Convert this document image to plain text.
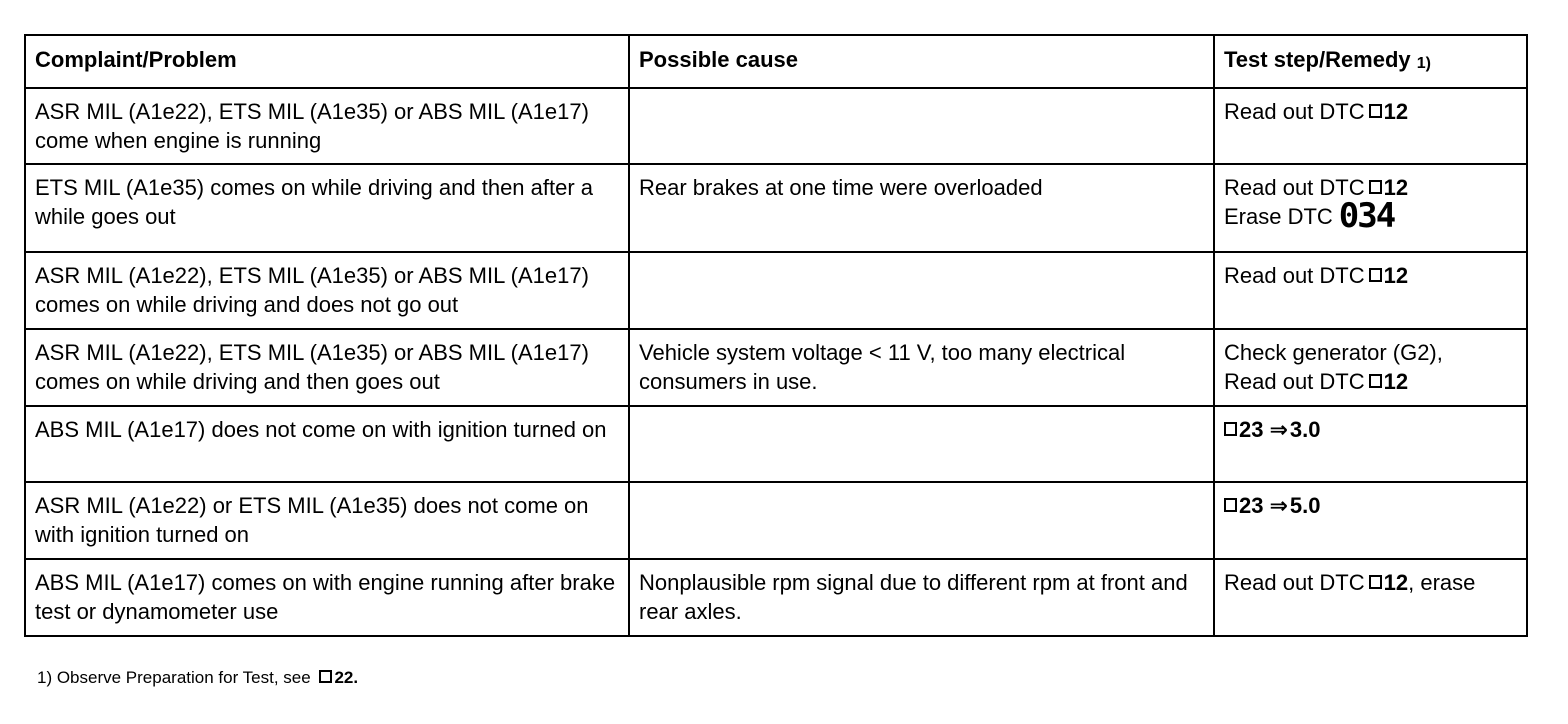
Complaint/Problem	Possible cause	Test step/Remedy $^{1)}$
ASR MIL (A1e22), ETS MIL (A1e35) or ABS MIL (A1e17) come when engine is running		Read out DTC 12

ETS MIL (A1e35) comes on while driving and then after a while goes out	Rear brakes at one time were overloaded	Read out DTC 12
Erase DTC 034

ASR MIL (A1e22), ETS MIL (A1e35) or ABS MIL (A1e17) comes on while driving and does not go out		Read out DTC 12

ASR MIL (A1e22), ETS MIL (A1e35) or ABS MIL (A1e17) comes on while driving and then goes out	Vehicle system voltage < 11 V, too many electrical consumers in use.	Check generator (G2),
Read out DTC 12

ABS MIL (A1e17) does not come on with ignition turned on		23 ⇒3.0

ASR MIL (A1e22) or ETS MIL (A1e35) does not come on with ignition turned on		23 ⇒5.0

ABS MIL (A1e17) comes on with engine running after brake test or dynamometer use	Nonplausible rpm signal due to different rpm at front and rear axles.	Read out DTC 12, erase
1) Observe Preparation for Test, see 22.
